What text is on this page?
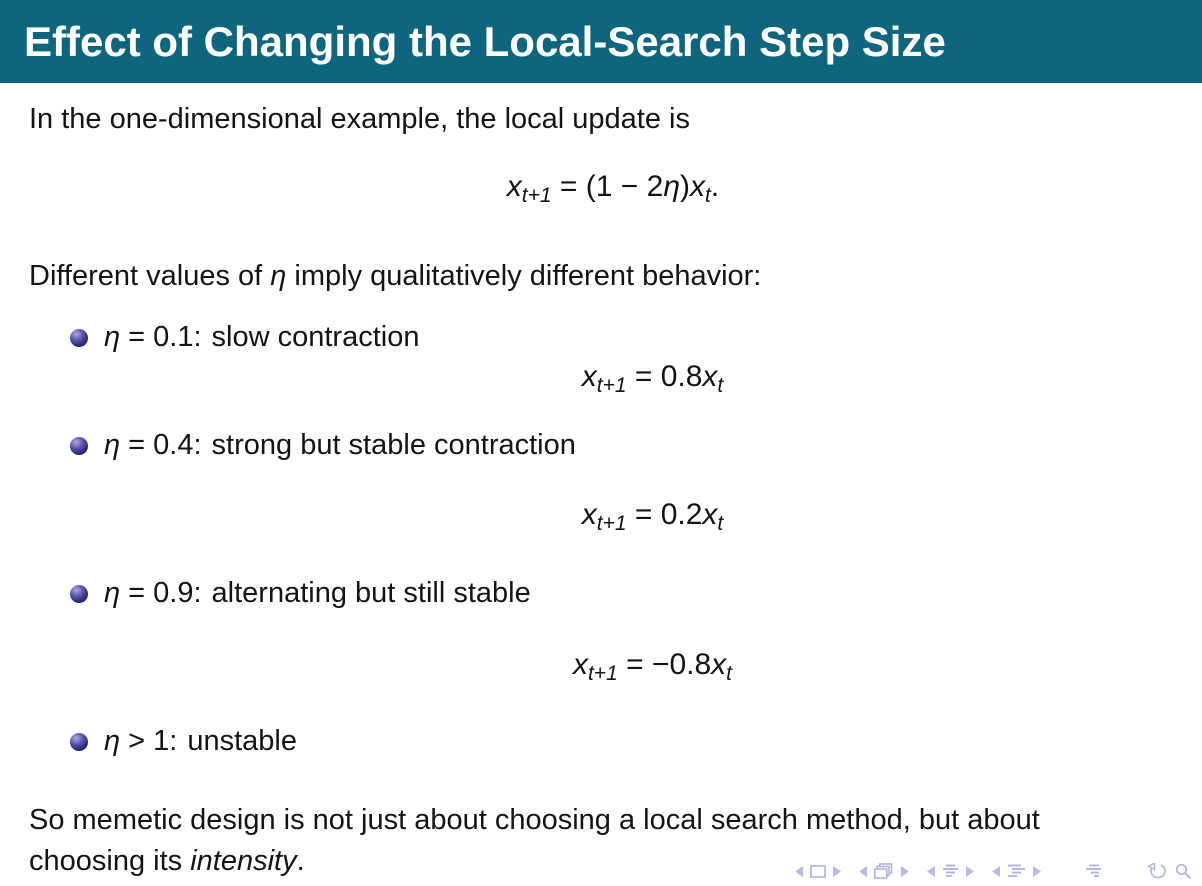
Effect of Changing the Local-Search Step Size
In the one-dimensional example, the local update is
$x_{t+1} = (1 - 2\eta)x_t$.
Different values of η imply qualitatively different behavior:
η = 0.1: slow contraction
$x_{t+1} = 0.8x_t$
η = 0.4: strong but stable contraction
$x_{t+1} = 0.2x_t$
η = 0.9: alternating but still stable
$x_{t+1} = -0.8x_t$
η > 1: unstable
So memetic design is not just about choosing a local search method, but about
choosing its intensity.
